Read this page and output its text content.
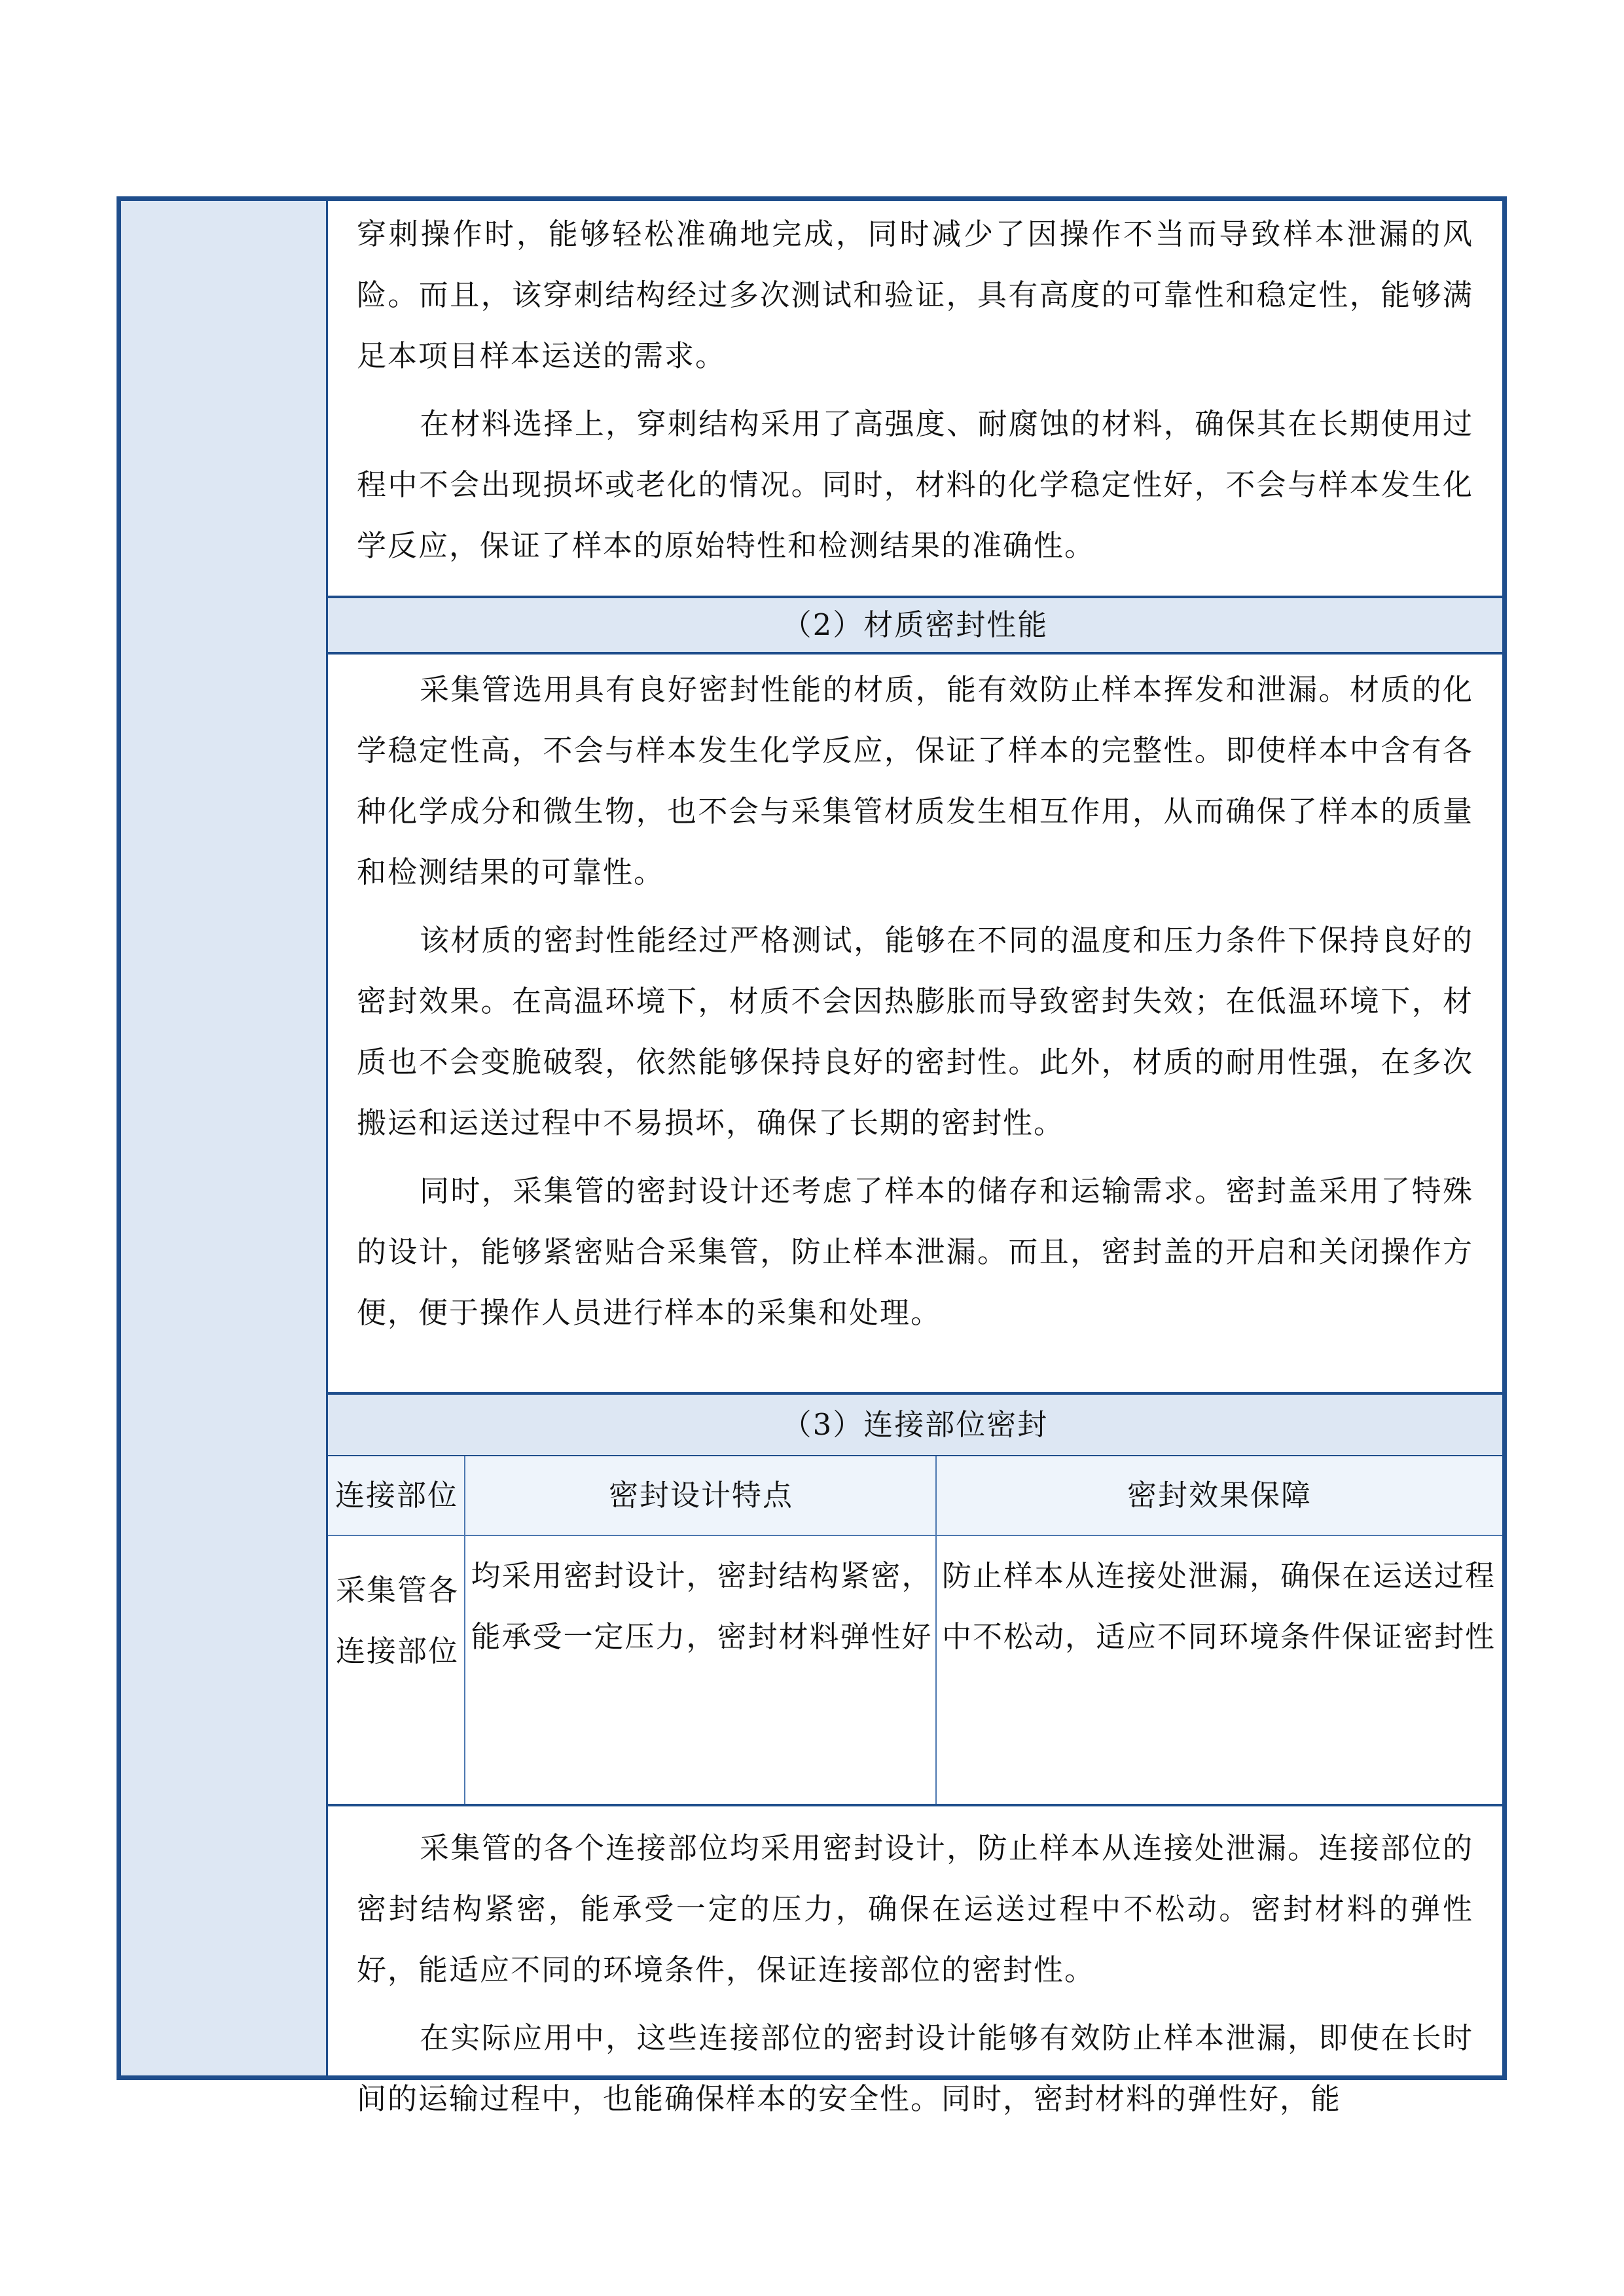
穿刺操作时，能够轻松准确地完成，同时减少了因操作不当而导致样本泄漏的风险。而且，该穿刺结构经过多次测试和验证，具有高度的可靠性和稳定性，能够满足本项目样本运送的需求。

在材料选择上，穿刺结构采用了高强度、耐腐蚀的材料，确保其在长期使用过程中不会出现损坏或老化的情况。同时，材料的化学稳定性好，不会与样本发生化学反应，保证了样本的原始特性和检测结果的准确性。

（2）材质密封性能

采集管选用具有良好密封性能的材质，能有效防止样本挥发和泄漏。材质的化学稳定性高，不会与样本发生化学反应，保证了样本的完整性。即使样本中含有各种化学成分和微生物，也不会与采集管材质发生相互作用，从而确保了样本的质量和检测结果的可靠性。

该材质的密封性能经过严格测试，能够在不同的温度和压力条件下保持良好的密封效果。在高温环境下，材质不会因热膨胀而导致密封失效；在低温环境下，材质也不会变脆破裂，依然能够保持良好的密封性。此外，材质的耐用性强，在多次搬运和运送过程中不易损坏，确保了长期的密封性。

同时，采集管的密封设计还考虑了样本的储存和运输需求。密封盖采用了特殊的设计，能够紧密贴合采集管，防止样本泄漏。而且，密封盖的开启和关闭操作方便，便于操作人员进行样本的采集和处理。

（3）连接部位密封
连接部位	密封设计特点	密封效果保障
采集管各连接部位
均采用密封设计，密封结构紧密，能承受一定压力，密封材料弹性好
防止样本从连接处泄漏，确保在运送过程中不松动，适应不同环境条件保证密封性

采集管的各个连接部位均采用密封设计，防止样本从连接处泄漏。连接部位的密封结构紧密，能承受一定的压力，确保在运送过程中不松动。密封材料的弹性好，能适应不同的环境条件，保证连接部位的密封性。

在实际应用中，这些连接部位的密封设计能够有效防止样本泄漏，即使在长时间的运输过程中，也能确保样本的安全性。同时，密封材料的弹性好，能
